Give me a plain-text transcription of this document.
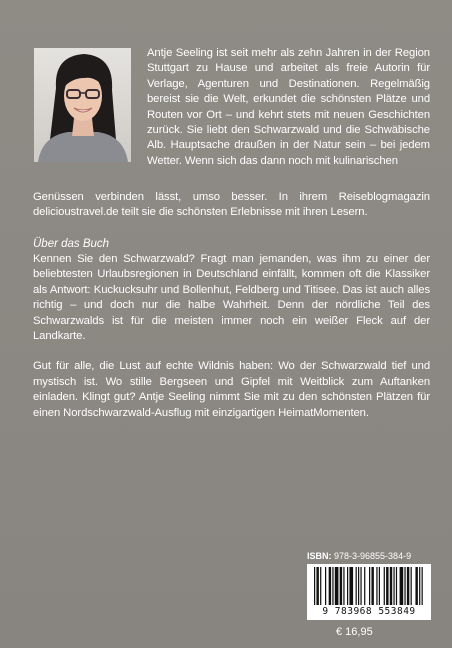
Antje Seeling ist seit mehr als zehn Jahren in der Region Stuttgart zu Hause und arbeitet als freie Autorin für Verlage, Agenturen und Destinationen. Regelmäßig bereist sie die Welt, erkundet die schönsten Plätze und Routen vor Ort – und kehrt stets mit neuen Geschichten zurück. Sie liebt den Schwarzwald und die Schwäbische Alb. Hauptsache draußen in der Natur sein – bei jedem Wetter. Wenn sich das dann noch mit kulinarischen
Genüssen verbinden lässt, umso besser. In ihrem Reiseblogmagazin delicioustravel.de teilt sie die schönsten Erlebnisse mit ihren Lesern.
Über das Buch

Kennen Sie den Schwarzwald? Fragt man jemanden, was ihm zu einer der beliebtesten Urlaubsregionen in Deutschland einfällt, kommen oft die Klassiker als Antwort: Kuckucksuhr und Bollenhut, Feldberg und Titisee. Das ist auch alles richtig – und doch nur die halbe Wahrheit. Denn der nördliche Teil des Schwarzwalds ist für die meisten immer noch ein weißer Fleck auf der Landkarte.

Gut für alle, die Lust auf echte Wildnis haben: Wo der Schwarzwald tief und mystisch ist. Wo stille Bergseen und Gipfel mit Weitblick zum Auftanken einladen. Klingt gut? Antje Seeling nimmt Sie mit zu den schönsten Plätzen für einen Nordschwarzwald-Ausflug mit einzigartigen HeimatMomenten.

ISBN: 978-3-96855-384-9
9 783968 553849
€ 16,95
